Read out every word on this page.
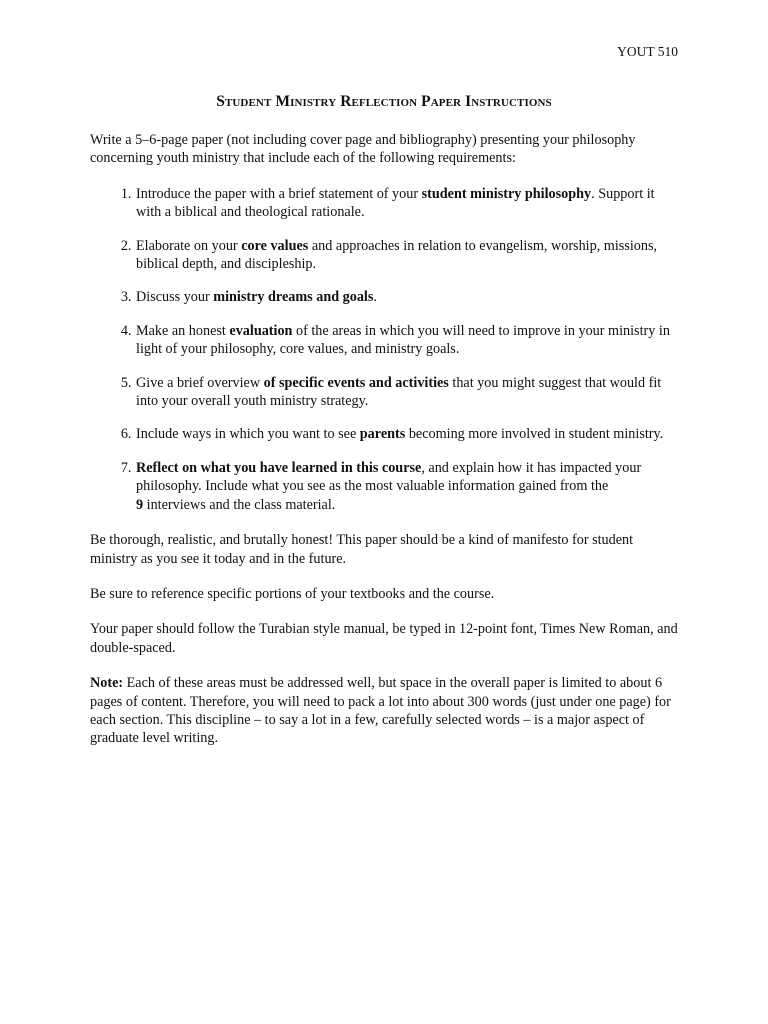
YOUT 510
Student Ministry Reflection Paper Instructions

Write a 5–6-page paper (not including cover page and bibliography) presenting your philosophy concerning youth ministry that include each of the following requirements:

1. Introduce the paper with a brief statement of your student ministry philosophy. Support it with a biblical and theological rationale.
2. Elaborate on your core values and approaches in relation to evangelism, worship, missions, biblical depth, and discipleship.
3. Discuss your ministry dreams and goals.
4. Make an honest evaluation of the areas in which you will need to improve in your ministry in light of your philosophy, core values, and ministry goals.
5. Give a brief overview of specific events and activities that you might suggest that would fit into your overall youth ministry strategy.
6. Include ways in which you want to see parents becoming more involved in student ministry.
7. Reflect on what you have learned in this course, and explain how it has impacted your philosophy. Include what you see as the most valuable information gained from the
9 interviews and the class material.

Be thorough, realistic, and brutally honest! This paper should be a kind of manifesto for student ministry as you see it today and in the future.

Be sure to reference specific portions of your textbooks and the course.

Your paper should follow the Turabian style manual, be typed in 12-point font, Times New Roman, and double-spaced.

Note: Each of these areas must be addressed well, but space in the overall paper is limited to about 6 pages of content. Therefore, you will need to pack a lot into about 300 words (just under one page) for each section. This discipline – to say a lot in a few, carefully selected words – is a major aspect of graduate level writing.
